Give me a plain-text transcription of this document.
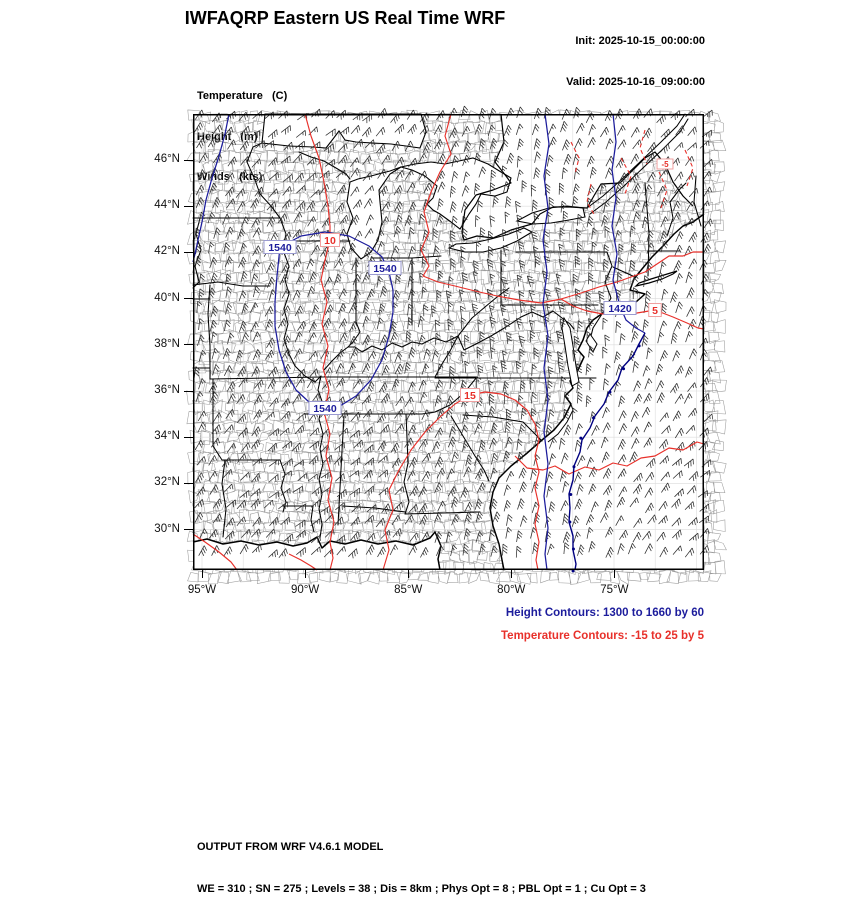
IWFAQRP Eastern US Real Time WRF

Init: 2025-10-15_00:00:00

Valid: 2025-10-16_09:00:00

Temperature   (C)

Height   (m)

Winds   (kts)

1540
1540
1540
1420
10
15
5
-5
46°N
44°N
42°N
40°N
38°N
36°N
34°N
32°N
30°N
95°W	90°W	85°W	80°W	75°W
Height Contours: 1300 to 1660 by 60
Temperature Contours: -15 to 25 by 5

OUTPUT FROM WRF V4.6.1 MODEL

WE = 310 ; SN = 275 ; Levels = 38 ; Dis = 8km ; Phys Opt = 8 ; PBL Opt = 1 ; Cu Opt = 3
